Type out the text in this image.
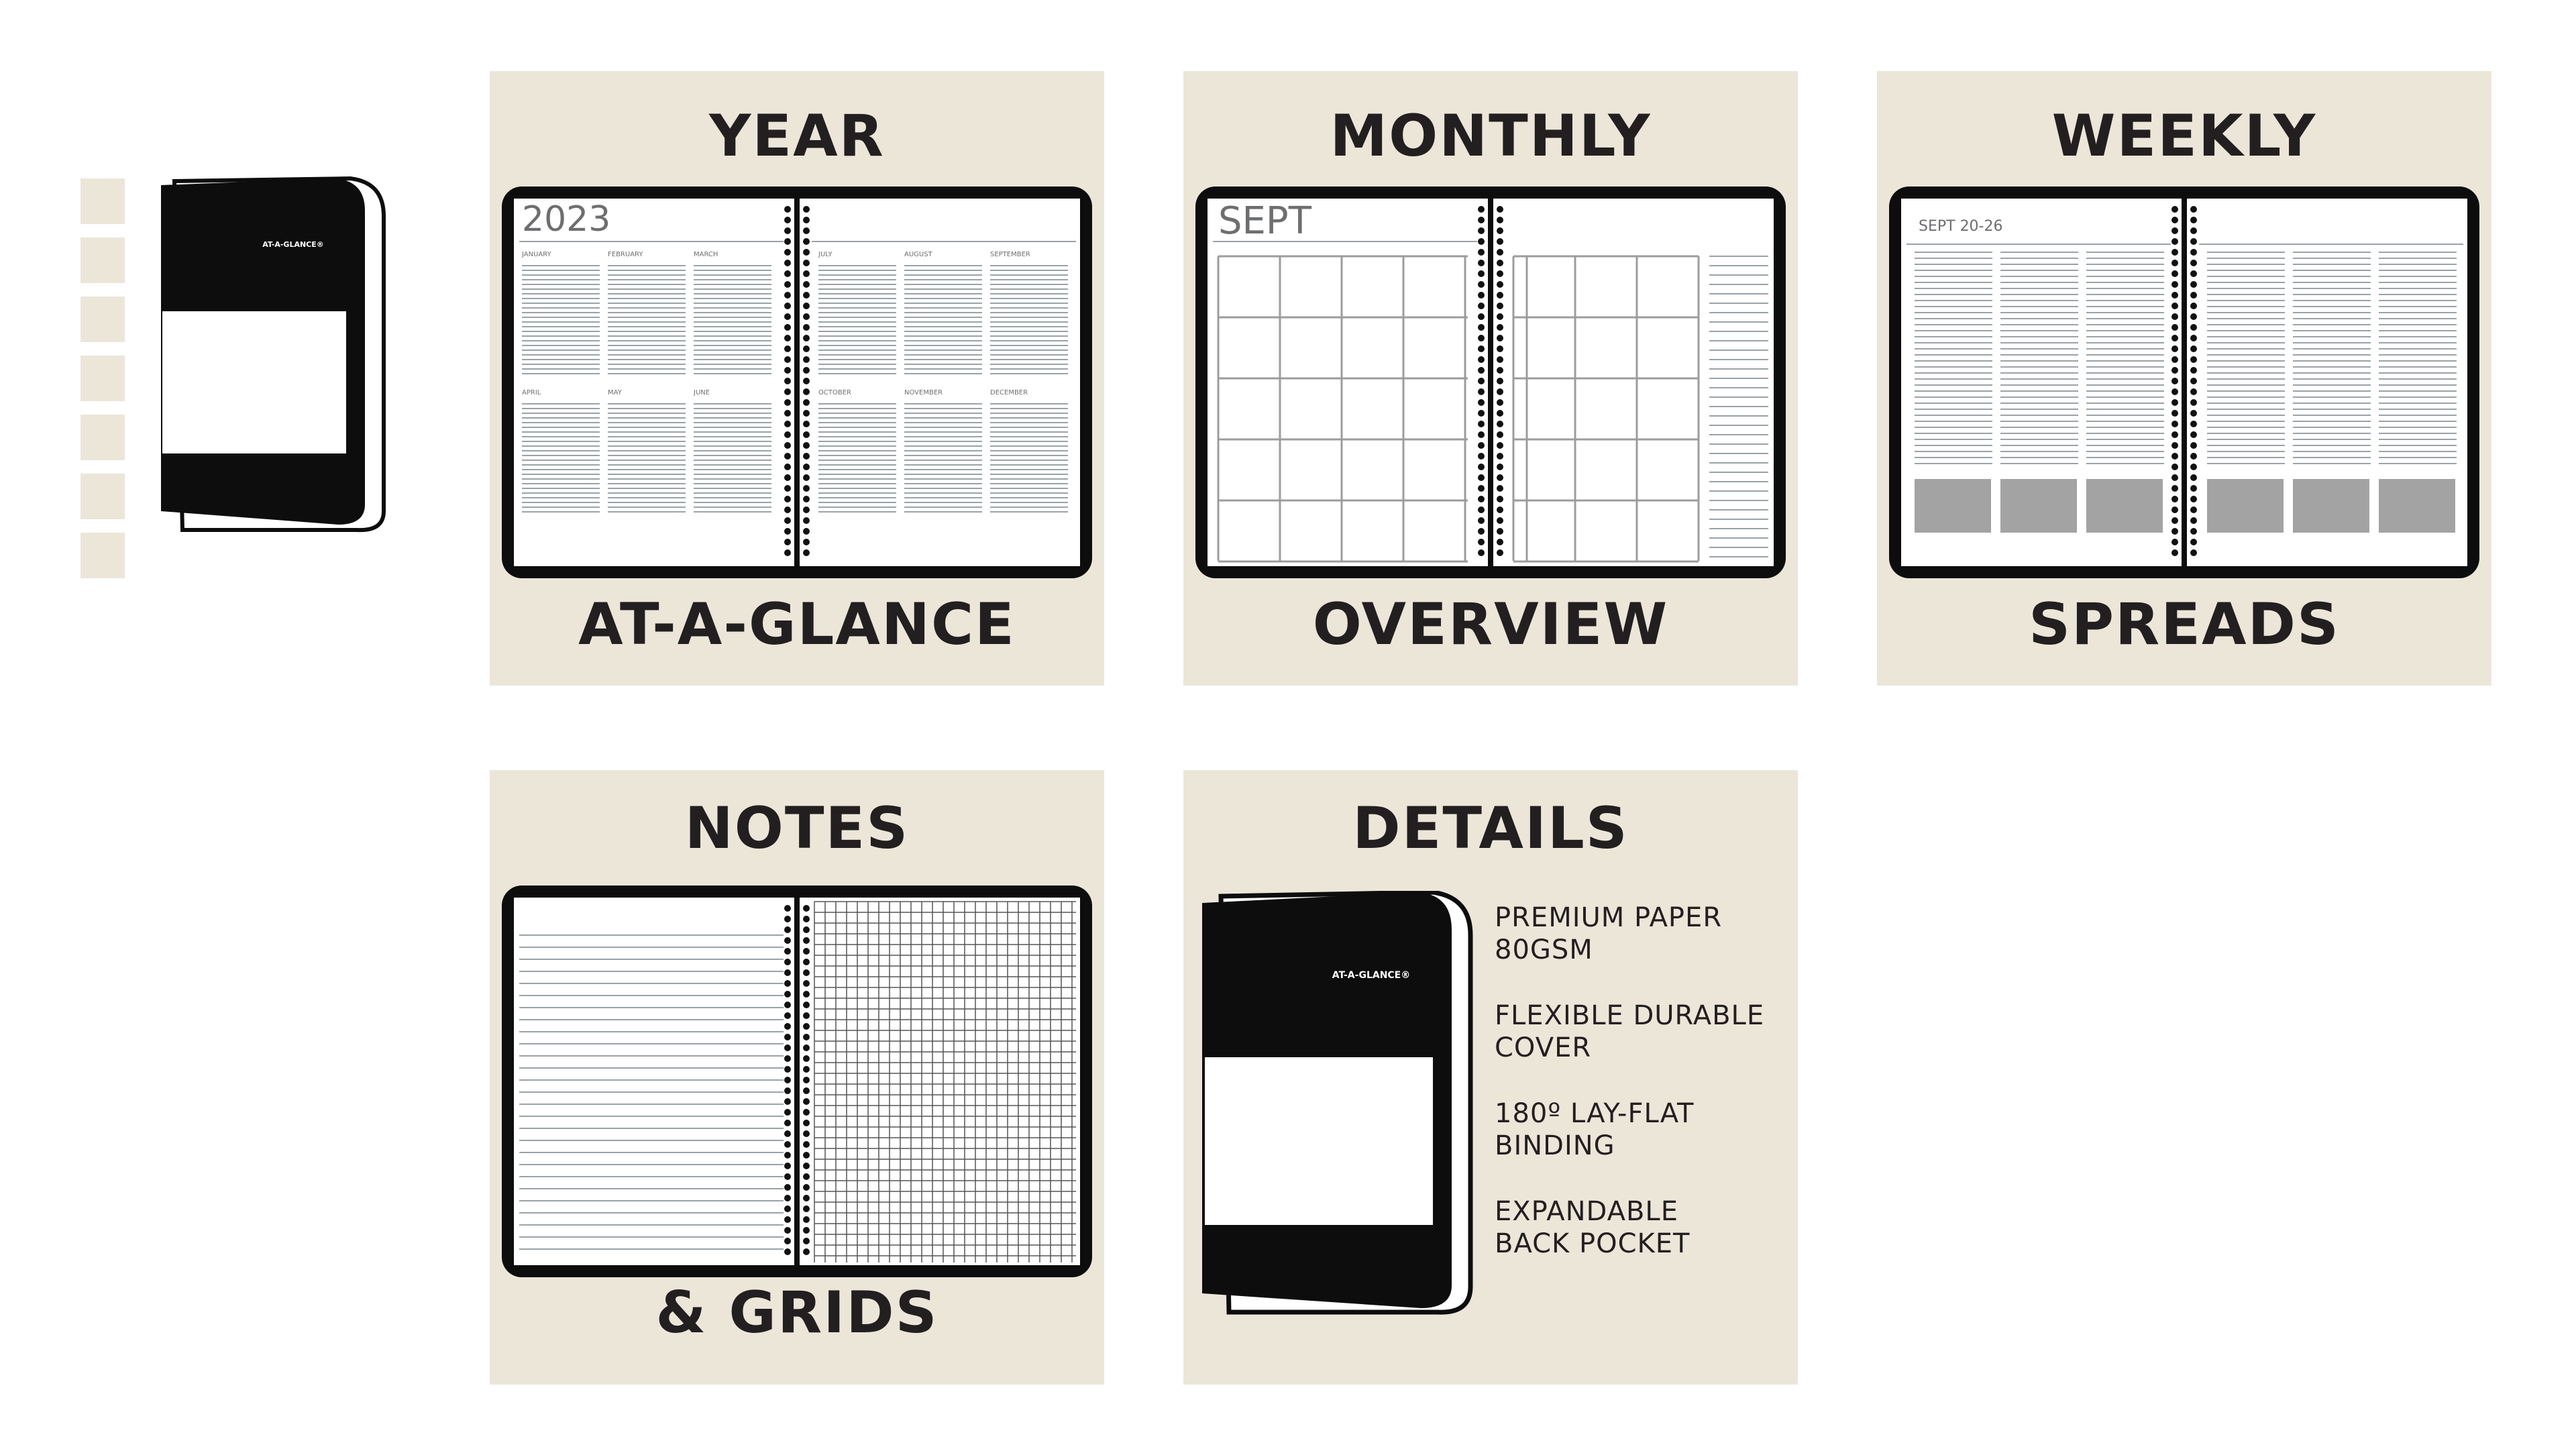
AT-A-GLANCE®
YEAR
2023
JANUARY	FEBRUARY	MARCH
APRIL	MAY	JUNE
JULY	AUGUST	SEPTEMBER
OCTOBER	NOVEMBER	DECEMBER
AT-A-GLANCE
MONTHLY
SEPT
OVERVIEW
WEEKLY
SEPT 20-26
SPREADS
NOTES
& GRIDS
DETAILS
AT-A-GLANCE®

PREMIUM PAPER
80GSM

FLEXIBLE DURABLE
COVER

180º LAY-FLAT
BINDING

EXPANDABLE
BACK POCKET
